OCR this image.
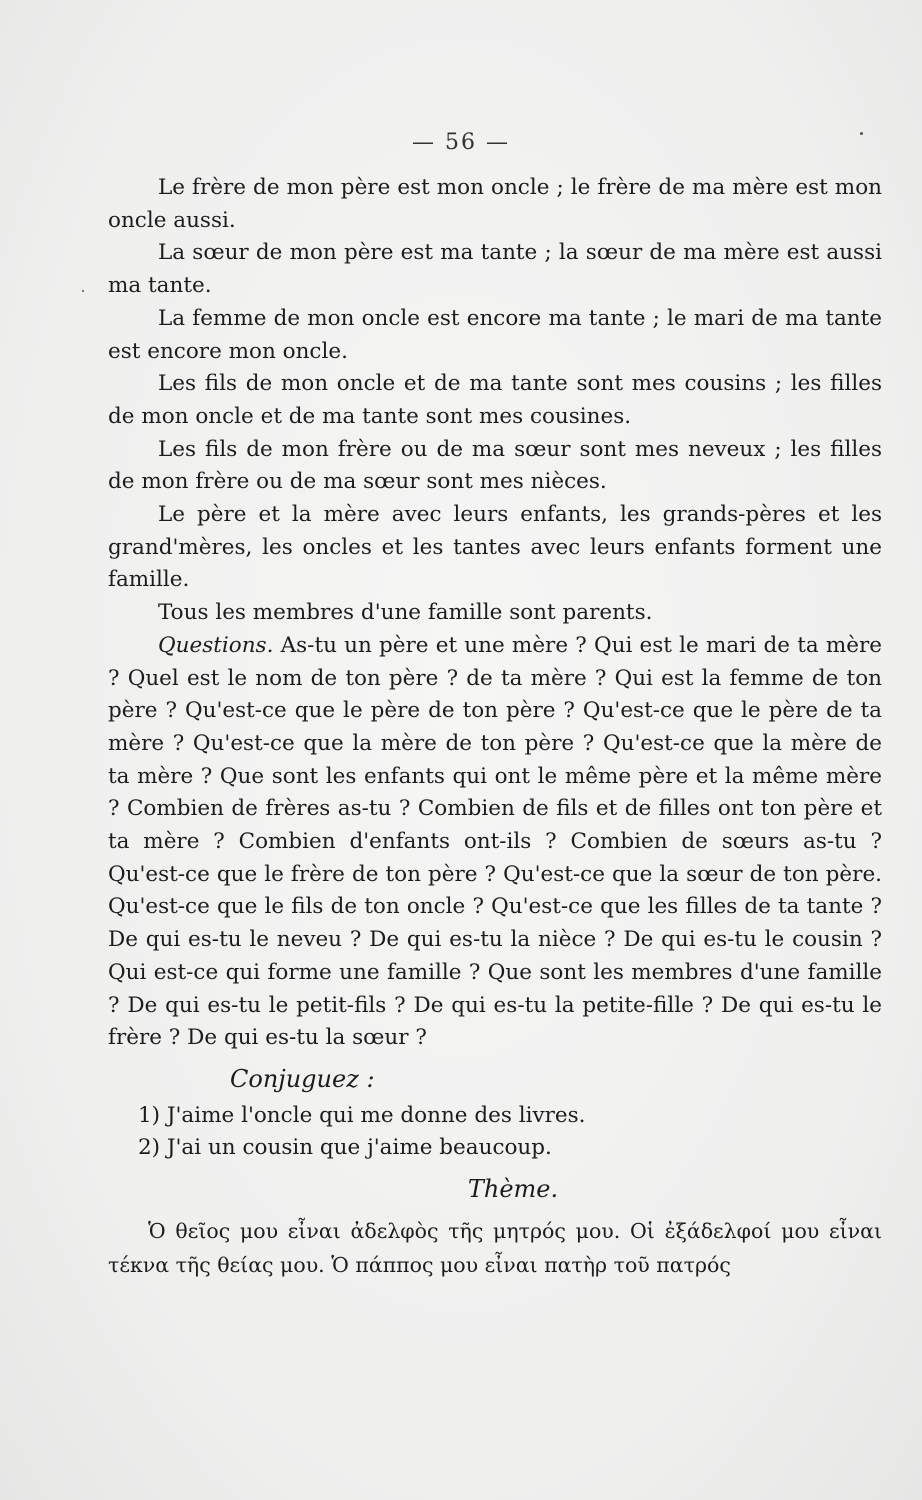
— 56 —

Le frère de mon père est mon oncle ; le frère de ma mère est mon oncle aussi.

La sœur de mon père est ma tante ; la sœur de ma mère est aussi ma tante.

La femme de mon oncle est encore ma tante ; le mari de ma tante est encore mon oncle.

Les fils de mon oncle et de ma tante sont mes cousins ; les filles de mon oncle et de ma tante sont mes cousines.

Les fils de mon frère ou de ma sœur sont mes neveux ; les filles de mon frère ou de ma sœur sont mes nièces.

Le père et la mère avec leurs enfants, les grands-pères et les grand'mères, les oncles et les tantes avec leurs enfants forment une famille.

Tous les membres d'une famille sont parents.

Questions. As-tu un père et une mère ? Qui est le mari de ta mère ? Quel est le nom de ton père ? de ta mère ? Qui est la femme de ton père ? Qu'est-ce que le père de ton père ? Qu'est-ce que le père de ta mère ? Qu'est-ce que la mère de ton père ? Qu'est-ce que la mère de ta mère ? Que sont les enfants qui ont le même père et la même mère ? Combien de frères as-tu ? Combien de fils et de filles ont ton père et ta mère ? Combien d'enfants ont-ils ? Combien de sœurs as-tu ? Qu'est-ce que le frère de ton père ? Qu'est-ce que la sœur de ton père. Qu'est-ce que le fils de ton oncle ? Qu'est-ce que les filles de ta tante ? De qui es-tu le neveu ? De qui es-tu la nièce ? De qui es-tu le cousin ? Qui est-ce qui forme une famille ? Que sont les membres d'une famille ? De qui es-tu le petit-fils ? De qui es-tu la petite-fille ? De qui es-tu le frère ? De qui es-tu la sœur ?

Conjuguez :

1) J'aime l'oncle qui me donne des livres.

2) J'ai un cousin que j'aime beaucoup.

Thème.

Ὁ θεῖος μου εἶναι ἀδελφὸς τῆς μητρός μου. Οἱ ἐξάδελφοί μου εἶναι τέκνα τῆς θείας μου. Ὁ πάππος μου εἶναι πατὴρ τοῦ πατρός
